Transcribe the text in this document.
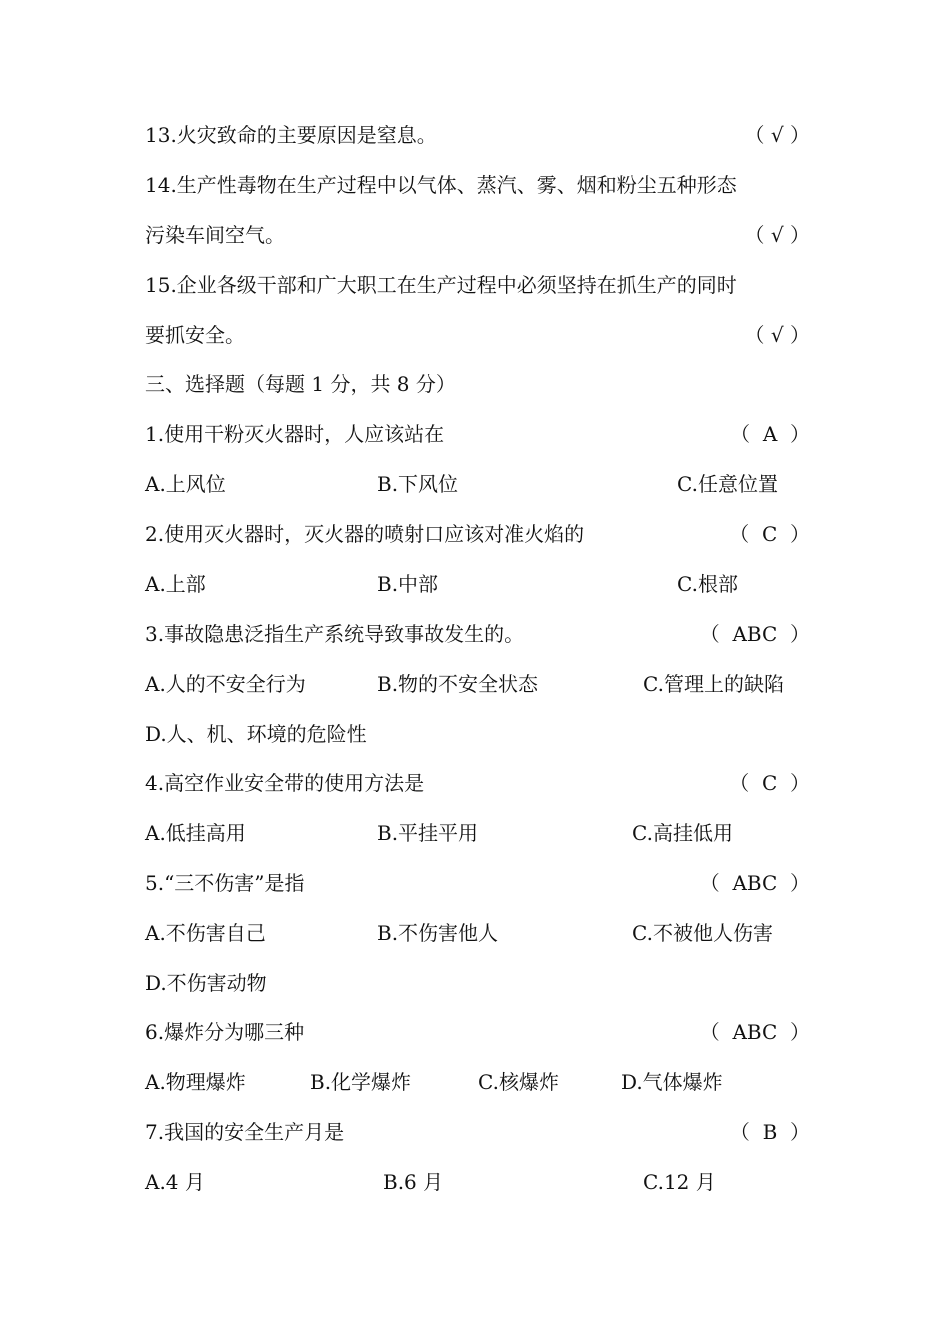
13.火灾致命的主要原因是窒息。	（ √ ）
14.生产性毒物在生产过程中以气体、蒸汽、雾、烟和粉尘五种形态
污染车间空气。	（ √ ）
15.企业各级干部和广大职工在生产过程中必须坚持在抓生产的同时
要抓安全。	（ √ ）
三、选择题（每题 1 分，共 8 分）
1.使用干粉灭火器时，人应该站在	（  A  ）
A.上风位	B.下风位	C.任意位置
2.使用灭火器时，灭火器的喷射口应该对准火焰的	（  C  ）
A.上部	B.中部	C.根部
3.事故隐患泛指生产系统导致事故发生的。	（  ABC  ）
A.人的不安全行为	B.物的不安全状态	C.管理上的缺陷
D.人、机、环境的危险性
4.高空作业安全带的使用方法是	（  C  ）
A.低挂高用	B.平挂平用	C.高挂低用
5.“三不伤害”是指	（  ABC  ）
A.不伤害自己	B.不伤害他人	C.不被他人伤害
D.不伤害动物
6.爆炸分为哪三种	（  ABC  ）
A.物理爆炸	B.化学爆炸	C.核爆炸	D.气体爆炸
7.我国的安全生产月是	（  B  ）
A.4 月	B.6 月	C.12 月
